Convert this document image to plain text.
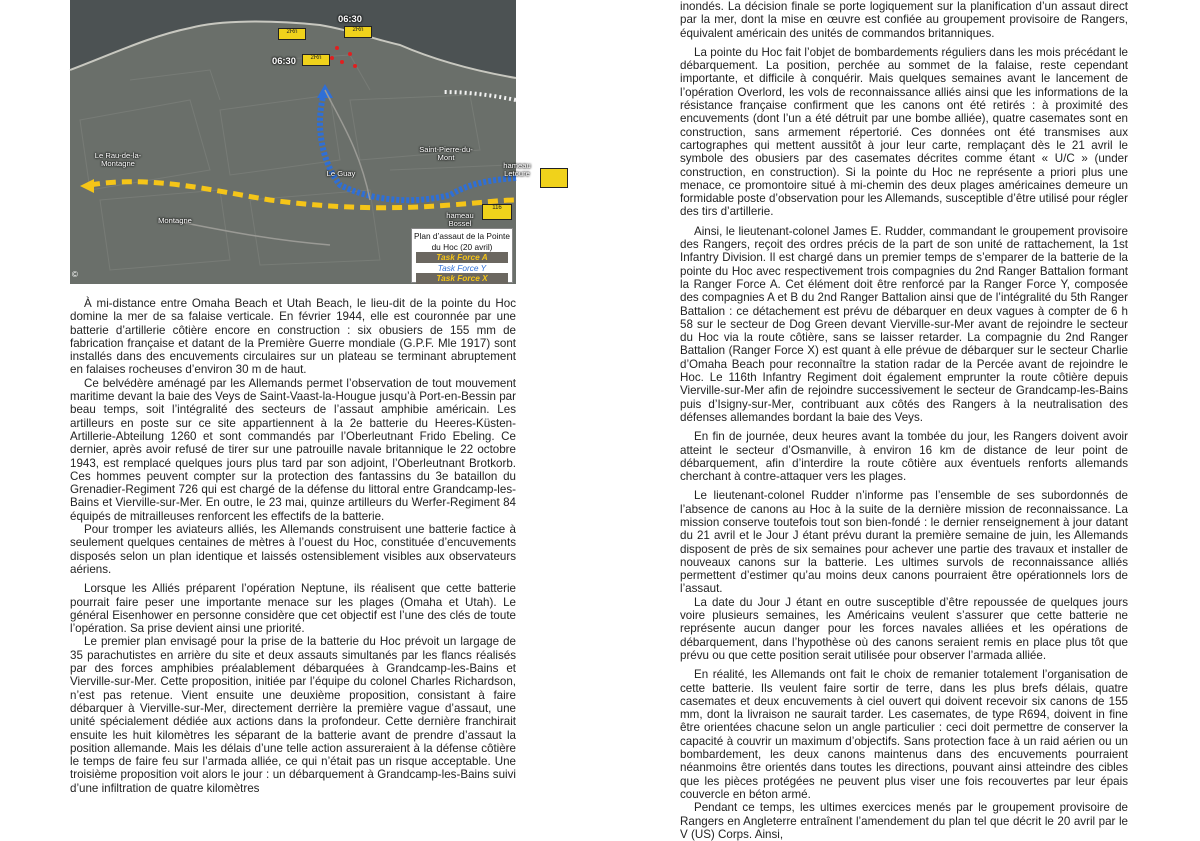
06:30
06:30
2Rn	2Rn
2Rn
116
Le Rau-de-la-Montagne
Saint-Pierre-du-Mont
Le Guay
hameau Letoure
hameau Bossel
Montagne
©
Plan d’assaut de la Pointe du Hoc (20 avril)
Task Force A
Task Force Y
Task Force X

À mi-distance entre Omaha Beach et Utah Beach, le lieu-dit de la pointe du Hoc domine la mer de sa falaise verticale. En février 1944, elle est couronnée par une batterie d’artillerie côtière encore en construction : six obusiers de 155 mm de fabrication française et datant de la Première Guerre mondiale (G.P.F. Mle 1917) sont installés dans des encuvements circulaires sur un plateau se terminant abruptement en falaises rocheuses d’environ 30 m de haut.

Ce belvédère aménagé par les Allemands permet l’observation de tout mouvement maritime devant la baie des Veys de Saint-Vaast-la-Hougue jusqu’à Port-en-Bessin par beau temps, soit l’intégralité des secteurs de l’assaut amphibie américain. Les artilleurs en poste sur ce site appartiennent à la 2e batterie du Heeres-Küsten-Artillerie-Abteilung 1260 et sont commandés par l’Oberleutnant Frido Ebeling. Ce dernier, après avoir refusé de tirer sur une patrouille navale britannique le 22 octobre 1943, est remplacé quelques jours plus tard par son adjoint, l’Oberleutnant Brotkorb. Ces hommes peuvent compter sur la protection des fantassins du 3e bataillon du Grenadier-Regiment 726 qui est chargé de la défense du littoral entre Grandcamp-les-Bains et Vierville-sur-Mer. En outre, le 23 mai, quinze artilleurs du Werfer-Regiment 84 équipés de mitrailleuses renforcent les effectifs de la batterie.

Pour tromper les aviateurs alliés, les Allemands construisent une batterie factice à seulement quelques centaines de mètres à l’ouest du Hoc, constituée d’encuvements disposés selon un plan identique et laissés ostensiblement visibles aux observateurs aériens.

Lorsque les Alliés préparent l’opération Neptune, ils réalisent que cette batterie pourrait faire peser une importante menace sur les plages (Omaha et Utah). Le général Eisenhower en personne considère que cet objectif est l’une des clés de toute l’opération. Sa prise devient ainsi une priorité.

Le premier plan envisagé pour la prise de la batterie du Hoc prévoit un largage de 35 parachutistes en arrière du site et deux assauts simultanés par les flancs réalisés par des forces amphibies préalablement débarquées à Grandcamp-les-Bains et Vierville-sur-Mer. Cette proposition, initiée par l’équipe du colonel Charles Richardson, n’est pas retenue. Vient ensuite une deuxième proposition, consistant à faire débarquer à Vierville-sur-Mer, directement derrière la première vague d’assaut, une unité spécialement dédiée aux actions dans la profondeur. Cette dernière franchirait ensuite les huit kilomètres les séparant de la batterie avant de prendre d’assaut la position allemande. Mais les délais d’une telle action assureraient à la défense côtière le temps de faire feu sur l’armada alliée, ce qui n’était pas un risque acceptable. Une troisième proposition voit alors le jour : un débarquement à Grandcamp-les-Bains suivi d’une infiltration de quatre kilomètres

inondés. La décision finale se porte logiquement sur la planification d’un assaut direct par la mer, dont la mise en œuvre est confiée au groupement provisoire de Rangers, équivalent américain des unités de commandos britanniques.

La pointe du Hoc fait l’objet de bombardements réguliers dans les mois précédant le débarquement. La position, perchée au sommet de la falaise, reste cependant importante, et difficile à conquérir. Mais quelques semaines avant le lancement de l’opération Overlord, les vols de reconnaissance alliés ainsi que les informations de la résistance française confirment que les canons ont été retirés : à proximité des encuvements (dont l’un a été détruit par une bombe alliée), quatre casemates sont en construction, sans armement répertorié. Ces données ont été transmises aux cartographes qui mettent aussitôt à jour leur carte, remplaçant dès le 21 avril le symbole des obusiers par des casemates décrites comme étant « U/C » (under construction, en construction). Si la pointe du Hoc ne représente a priori plus une menace, ce promontoire situé à mi-chemin des deux plages américaines demeure un formidable poste d’observation pour les Allemands, susceptible d’être utilisé pour régler des tirs d’artillerie.

Ainsi, le lieutenant-colonel James E. Rudder, commandant le groupement provisoire des Rangers, reçoit des ordres précis de la part de son unité de rattachement, la 1st Infantry Division. Il est chargé dans un premier temps de s’emparer de la batterie de la pointe du Hoc avec respectivement trois compagnies du 2nd Ranger Battalion formant la Ranger Force A. Cet élément doit être renforcé par la Ranger Force Y, composée des compagnies A et B du 2nd Ranger Battalion ainsi que de l’intégralité du 5th Ranger Battalion : ce détachement est prévu de débarquer en deux vagues à compter de 6 h 58 sur le secteur de Dog Green devant Vierville-sur-Mer avant de rejoindre le secteur du Hoc via la route côtière, sans se laisser retarder. La compagnie du 2nd Ranger Battalion (Ranger Force X) est quant à elle prévue de débarquer sur le secteur Charlie d’Omaha Beach pour reconnaître la station radar de la Percée avant de rejoindre le Hoc. Le 116th Infantry Regiment doit également emprunter la route côtière depuis Vierville-sur-Mer afin de rejoindre successivement le secteur de Grandcamp-les-Bains puis d’Isigny-sur-Mer, contribuant aux côtés des Rangers à la neutralisation des défenses allemandes bordant la baie des Veys.

En fin de journée, deux heures avant la tombée du jour, les Rangers doivent avoir atteint le secteur d’Osmanville, à environ 16 km de distance de leur point de débarquement, afin d’interdire la route côtière aux éventuels renforts allemands cherchant à contre-attaquer vers les plages.

Le lieutenant-colonel Rudder n’informe pas l’ensemble de ses subordonnés de l’absence de canons au Hoc à la suite de la dernière mission de reconnaissance. La mission conserve toutefois tout son bien-fondé : le dernier renseignement à jour datant du 21 avril et le Jour J étant prévu durant la première semaine de juin, les Allemands disposent de près de six semaines pour achever une partie des travaux et installer de nouveaux canons sur la batterie. Les ultimes survols de reconnaissance alliés permettent d’estimer qu’au moins deux canons pourraient être opérationnels lors de l’assaut.

La date du Jour J étant en outre susceptible d’être repoussée de quelques jours voire plusieurs semaines, les Américains veulent s’assurer que cette batterie ne représente aucun danger pour les forces navales alliées et les opérations de débarquement, dans l’hypothèse où des canons seraient remis en place plus tôt que prévu ou que cette position serait utilisée pour observer l’armada alliée.

En réalité, les Allemands ont fait le choix de remanier totalement l’organisation de cette batterie. Ils veulent faire sortir de terre, dans les plus brefs délais, quatre casemates et deux encuvements à ciel ouvert qui doivent recevoir six canons de 155 mm, dont la livraison ne saurait tarder. Les casemates, de type R694, doivent in fine être orientées chacune selon un angle particulier : ceci doit permettre de conserver la capacité à couvrir un maximum d’objectifs. Sans protection face à un raid aérien ou un bombardement, les deux canons maintenus dans des encuvements pourraient néanmoins être orientés dans toutes les directions, pouvant ainsi atteindre des cibles que les pièces protégées ne peuvent plus viser une fois recouvertes par leur épais couvercle en béton armé.

Pendant ce temps, les ultimes exercices menés par le groupement provisoire de Rangers en Angleterre entraînent l’amendement du plan tel que décrit le 20 avril par le V (US) Corps. Ainsi,
